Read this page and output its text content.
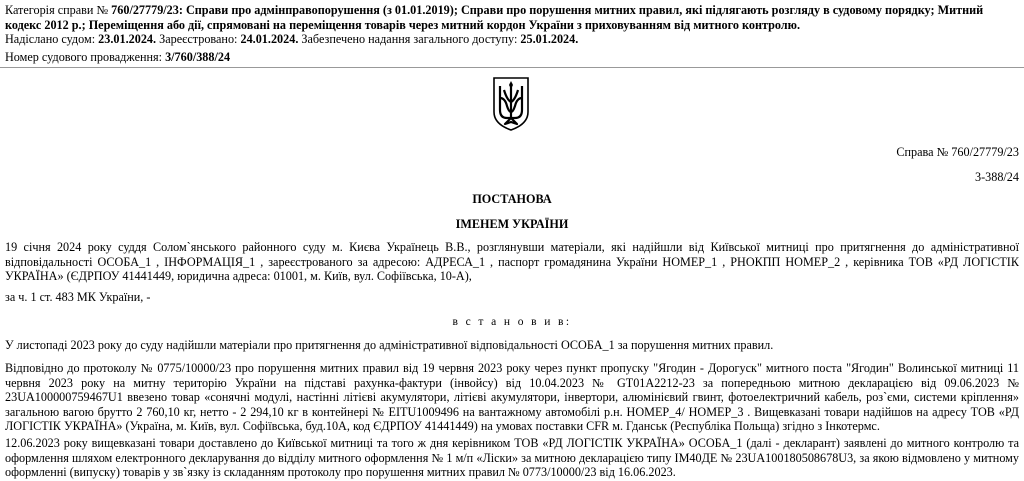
Категорія справи № 760/27779/23: Справи про адмінправопорушення (з 01.01.2019); Справи про порушення митних правил, які підлягають розгляду в судовому порядку; Митний кодекс 2012 р.; Переміщення або дії, спрямовані на переміщення товарів через митний кордон України з приховуванням від митного контролю.

Надіслано судом: 23.01.2024. Зареєстровано: 24.01.2024. Забезпечено надання загального доступу: 25.01.2024.

Номер судового провадження: 3/760/388/24

Справа № 760/27779/23
3-388/24
ПОСТАНОВА
ІМЕНЕМ УКРАЇНИ

19 січня 2024 року суддя Солом`янського районного суду м. Києва Українець В.В., розглянувши матеріали, які надійшли від Київської митниці про притягнення до адміністративної відповідальності ОСОБА_1 , ІНФОРМАЦІЯ_1 , зареєстрованого за адресою: АДРЕСА_1 , паспорт громадянина України НОМЕР_1 , РНОКПП НОМЕР_2 , керівника ТОВ «РД ЛОГІСТІК УКРАЇНА» (ЄДРПОУ 41441449, юридична адреса: 01001, м. Київ, вул. Софіївська, 10-А),

за ч. 1 ст. 483 МК України, -

в с т а н о в и в:

У листопаді 2023 року до суду надійшли матеріали про притягнення до адміністративної відповідальності ОСОБА_1 за порушення митних правил.

Відповідно до протоколу № 0775/10000/23 про порушення митних правил від 19 червня 2023 року через пункт пропуску "Ягодин - Дорогуск" митного поста "Ягодин" Волинської митниці 11 червня 2023 року на митну територію України на підставі рахунка-фактури (інвойсу) від 10.04.2023 № GT01A2212-23 за попередньою митною декларацією від 09.06.2023 № 23UA100000759467U1 ввезено товар «сонячні модулі, настінні літієві акумулятори, літієві акумулятори, інвертори, алюмінієвий гвинт, фотоелектричний кабель, роз`єми, системи кріплення» загальною вагою брутто 2 760,10 кг, нетто - 2 294,10 кг в контейнері № EITU1009496 на вантажному автомобілі р.н. НОМЕР_4/ НОМЕР_3 . Вищевказані товари надійшов на адресу ТОВ «РД ЛОГІСТІК УКРАЇНА» (Україна, м. Київ, вул. Софіївська, буд.10А, код ЄДРПОУ 41441449) на умовах поставки CFR м. Гданськ (Республіка Польща) згідно з Інкотермс.

12.06.2023 року вищевказані товари доставлено до Київської митниці та того ж дня керівником ТОВ «РД ЛОГІСТІК УКРАЇНА» ОСОБА_1 (далі - декларант) заявлені до митного контролю та оформлення шляхом електронного декларування до відділу митного оформлення № 1 м/п «Ліски» за митною декларацією типу ІМ40ДЕ № 23UA100180508678U3, за якою відмовлено у митному оформленні (випуску) товарів у зв`язку із складанням протоколу про порушення митних правил № 0773/10000/23 від 16.06.2023.
